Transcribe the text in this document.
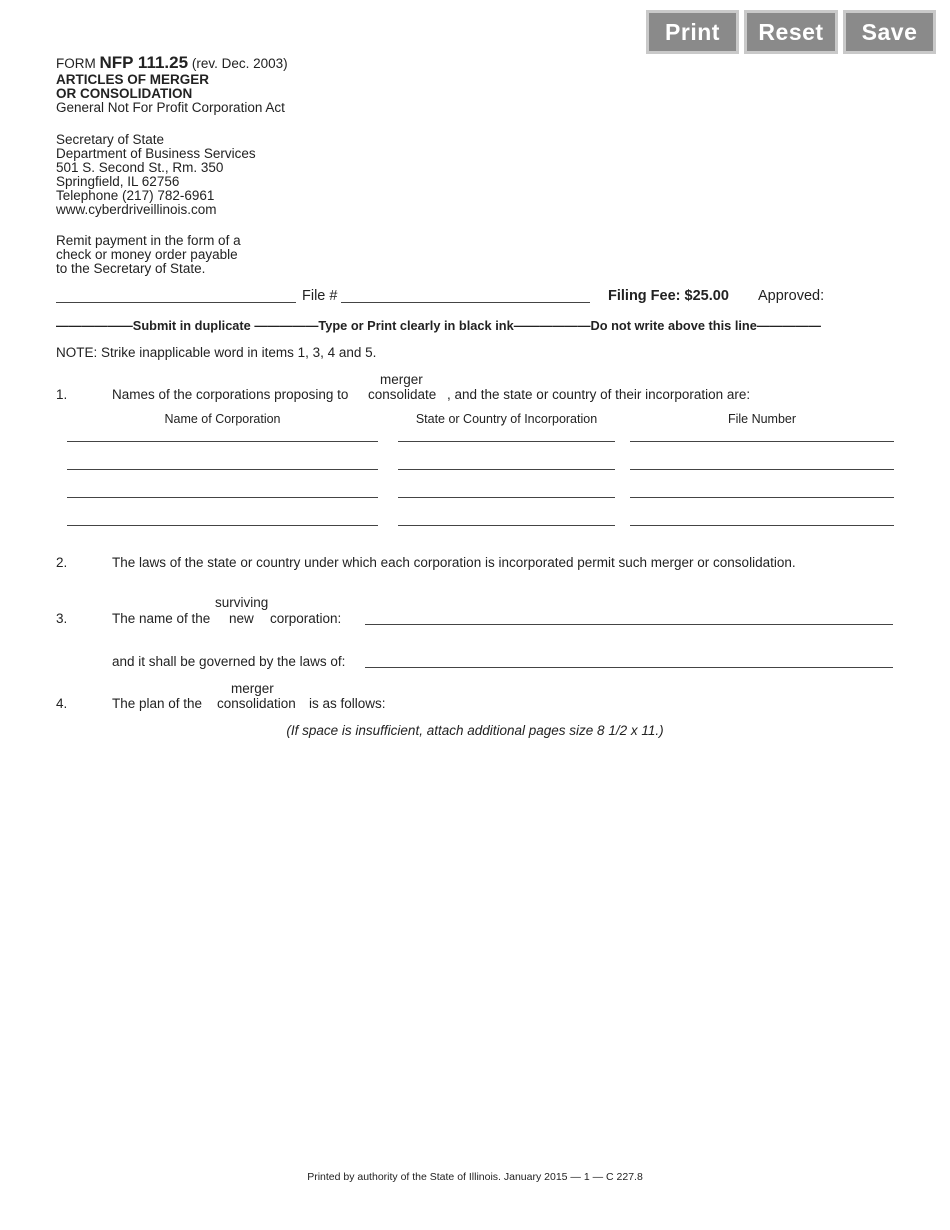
Print	Reset	Save
FORM NFP 111.25 (rev. Dec. 2003)
ARTICLES OF MERGER
OR CONSOLIDATION
General Not For Profit Corporation Act
Secretary of State
Department of Business Services
501 S. Second St., Rm. 350
Springfield, IL 62756
Telephone (217) 782-6961
www.cyberdriveillinois.com
Remit payment in the form of a
check or money order payable
to the Secretary of State.
File #	Filing Fee: $25.00 Approved:
——————Submit in duplicate —————Type or Print clearly in black ink——————Do not write above this line—————
NOTE: Strike inapplicable word in items 1, 3, 4 and 5.
1.	Names of the corporations proposing to
merger
consolidate , and the state or country of their incorporation are:
Name of Corporation	State or Country of Incorporation	File Number
2.	The laws of the state or country under which each corporation is incorporated permit such merger or consolidation.
3.	The name of the
surviving
new corporation:
and it shall be governed by the laws of:
4.	The plan of the
merger
consolidation is as follows:
(If space is insufficient, attach additional pages size 8 1/2 x 11.)
Printed by authority of the State of Illinois. January 2015 — 1 — C 227.8
